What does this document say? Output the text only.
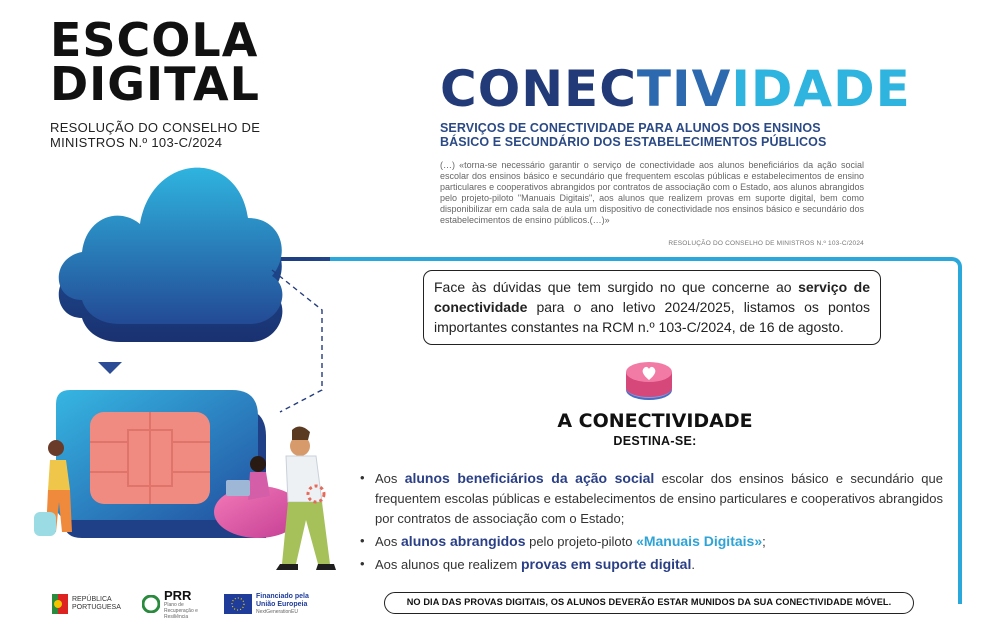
ESCOLA
DIGITAL
RESOLUÇÃO DO CONSELHO DE MINISTROS N.º 103-C/2024
CONECTIVIDADE
SERVIÇOS DE CONECTIVIDADE PARA ALUNOS DOS ENSINOS BÁSICO E SECUNDÁRIO DOS ESTABELECIMENTOS PÚBLICOS
(…) «torna-se necessário garantir o serviço de conectividade aos alunos beneficiários da ação social escolar dos ensinos básico e secundário que frequentem escolas públicas e estabelecimentos de ensino particulares e cooperativos abrangidos por contratos de associação com o Estado, aos alunos abrangidos pelo projeto-piloto "Manuais Digitais", aos alunos que realizem provas em suporte digital, bem como disponibilizar em cada sala de aula um dispositivo de conectividade nos ensinos básico e secundário dos estabelecimentos de ensino públicos.(…)»
RESOLUÇÃO DO CONSELHO DE MINISTROS N.º 103-C/2024
Face às dúvidas que tem surgido no que concerne ao serviço de conectividade para o ano letivo 2024/2025, listamos os pontos importantes constantes na RCM n.º 103-C/2024, de 16 de agosto.
A CONECTIVIDADE
DESTINA-SE:
• Aos alunos beneficiários da ação social escolar dos ensinos básico e secundário que frequentem escolas públicas e estabelecimentos de ensino particulares e cooperativos abrangidos por contratos de associação com o Estado;
• Aos alunos abrangidos pelo projeto-piloto «Manuais Digitais»;
• Aos alunos que realizem provas em suporte digital.
NO DIA DAS PROVAS DIGITAIS, OS ALUNOS DEVERÃO ESTAR MUNIDOS DA SUA CONECTIVIDADE MÓVEL.
REPÚBLICA PORTUGUESA
PRR
Plano de Recuperação e Resiliência
Financiado pela
União Europeia
NextGenerationEU
